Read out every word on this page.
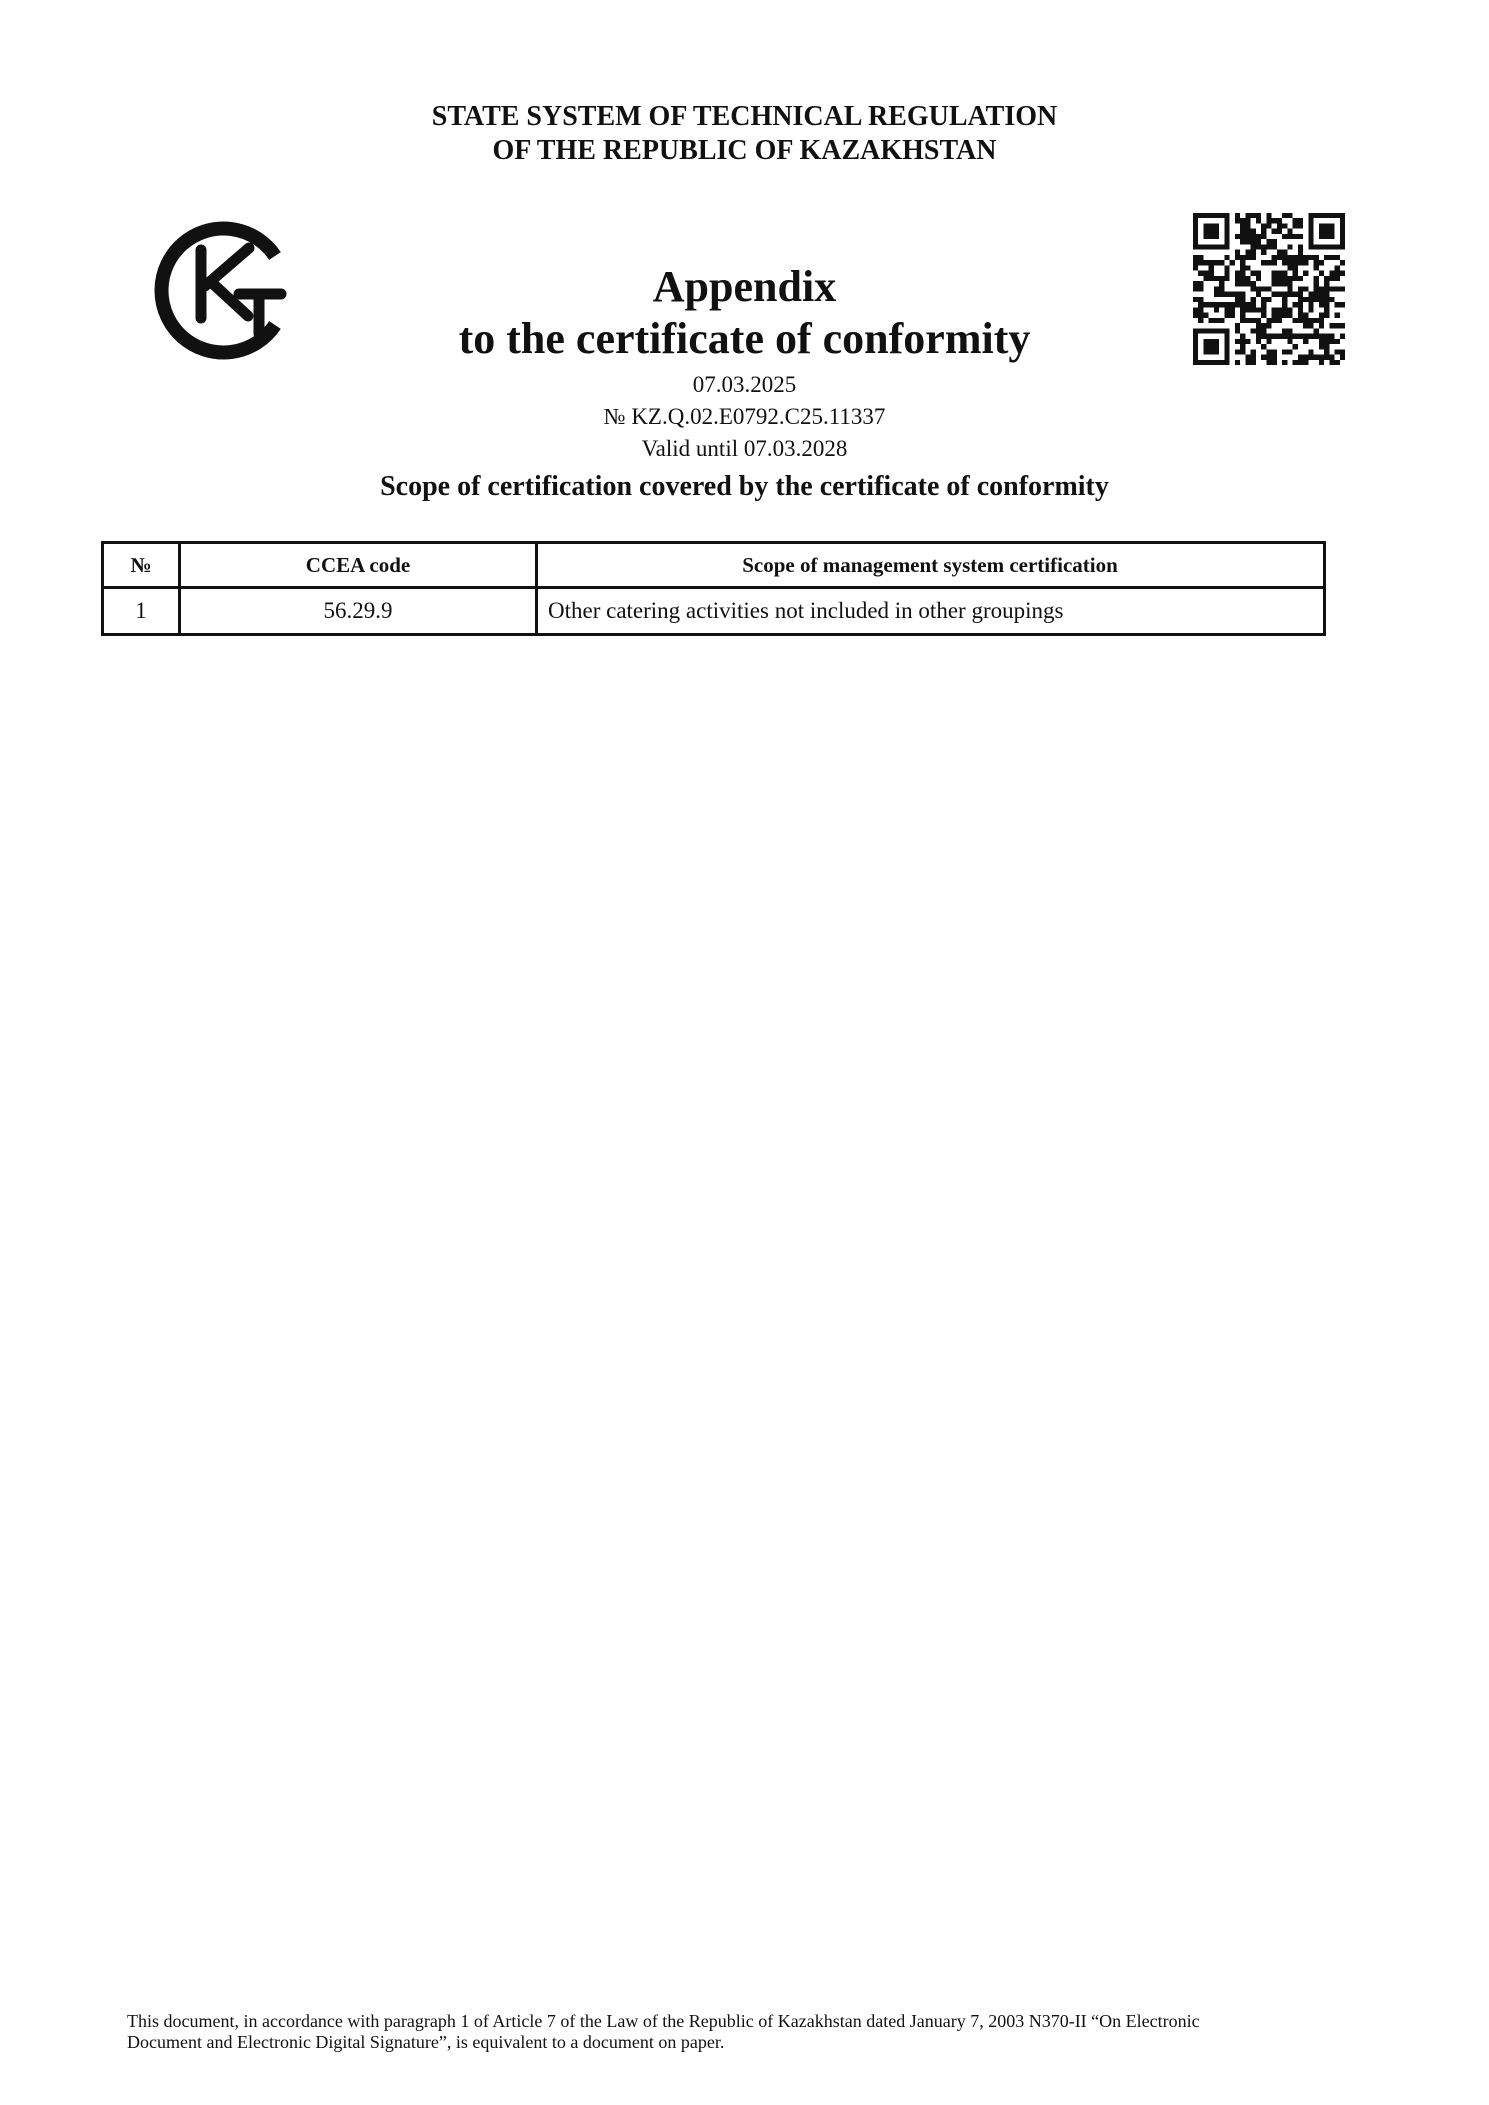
STATE SYSTEM OF TECHNICAL REGULATION
OF THE REPUBLIC OF KAZAKHSTAN
Appendix
to the certificate of conformity
07.03.2025
№ KZ.Q.02.E0792.C25.11337
Valid until 07.03.2028
Scope of certification covered by the certificate of conformity
№	CCEA code	Scope of management system certification
1	56.29.9	Other catering activities not included in other groupings
This document, in accordance with paragraph 1 of Article 7 of the Law of the Republic of Kazakhstan dated January 7, 2003 N370-II “On Electronic
Document and Electronic Digital Signature”, is equivalent to a document on paper.
